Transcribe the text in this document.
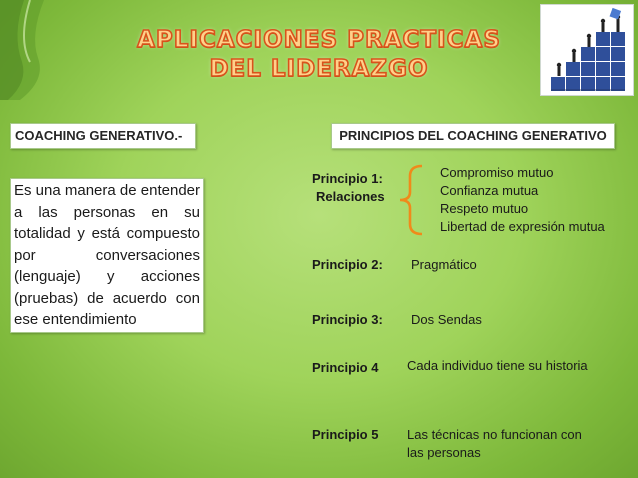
APLICACIONES PRACTICAS
DEL LIDERAZGO
COACHING GENERATIVO.-
Es una manera de entender a las personas en su totalidad y está compuesto por conversaciones (lenguaje) y acciones (pruebas) de acuerdo con ese entendimiento
PRINCIPIOS DEL COACHING GENERATIVO
Principio 1:
Relaciones
Compromiso mutuo
Confianza mutua
Respeto mutuo
Libertad de expresión mutua
Principio 2: Pragmático
Principio 3: Dos Sendas
Principio 4 Cada individuo tiene su historia
Principio 5 Las técnicas no funcionan con
las personas
